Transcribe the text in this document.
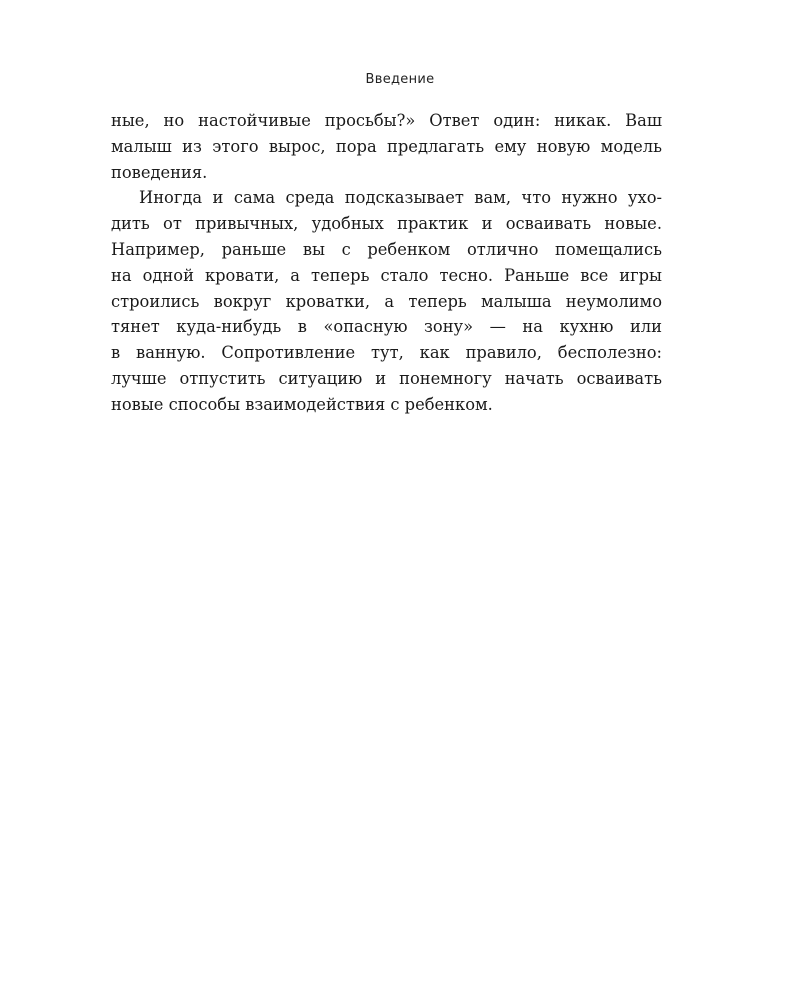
Введение
ные, но настойчивые просьбы?» Ответ один: никак. Ваш
малыш из этого вырос, пора предлагать ему новую модель
поведения.
Иногда и сама среда подсказывает вам, что нужно ухо-
дить от привычных, удобных практик и осваивать новые.
Например, раньше вы с ребенком отлично помещались
на одной кровати, а теперь стало тесно. Раньше все игры
строились вокруг кроватки, а теперь малыша неумолимо
тянет куда-нибудь в «опасную зону» — на кухню или
в ванную. Сопротивление тут, как правило, бесполезно:
лучше отпустить ситуацию и понемногу начать осваивать
новые способы взаимодействия с ребенком.
